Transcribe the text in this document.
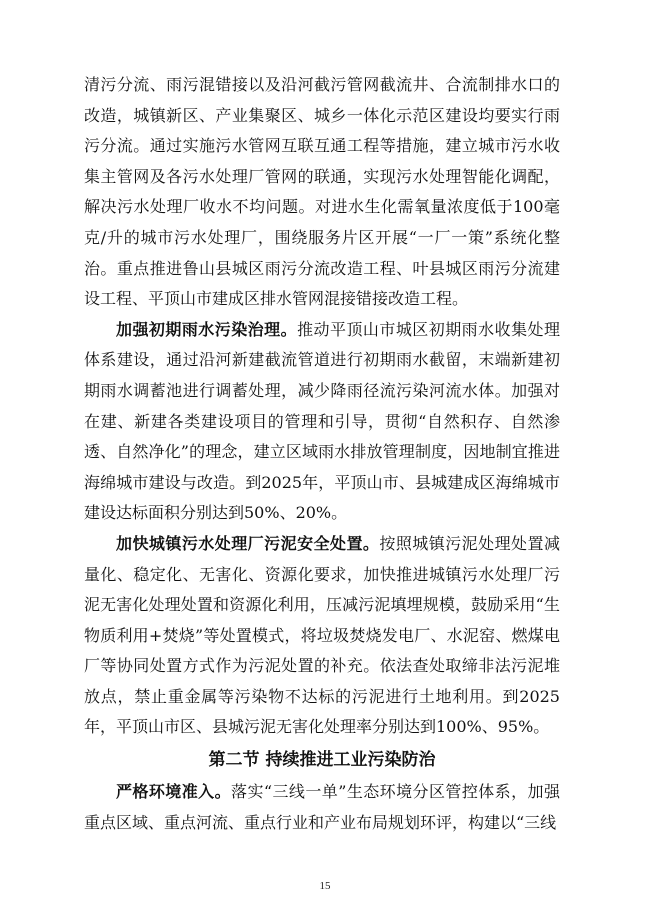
清污分流、雨污混错接以及沿河截污管网截流井、合流制排水口的改造，城镇新区、产业集聚区、城乡一体化示范区建设均要实行雨污分流。通过实施污水管网互联互通工程等措施，建立城市污水收集主管网及各污水处理厂管网的联通，实现污水处理智能化调配，解决污水处理厂收水不均问题。对进水生化需氧量浓度低于100毫克/升的城市污水处理厂，围绕服务片区开展“一厂一策”系统化整治。重点推进鲁山县城区雨污分流改造工程、叶县城区雨污分流建设工程、平顶山市建成区排水管网混接错接改造工程。

加强初期雨水污染治理。推动平顶山市城区初期雨水收集处理体系建设，通过沿河新建截流管道进行初期雨水截留，末端新建初期雨水调蓄池进行调蓄处理，减少降雨径流污染河流水体。加强对在建、新建各类建设项目的管理和引导，贯彻“自然积存、自然渗透、自然净化”的理念，建立区域雨水排放管理制度，因地制宜推进海绵城市建设与改造。到2025年，平顶山市、县城建成区海绵城市建设达标面积分别达到50%、20%。

加快城镇污水处理厂污泥安全处置。按照城镇污泥处理处置减量化、稳定化、无害化、资源化要求，加快推进城镇污水处理厂污泥无害化处理处置和资源化利用，压减污泥填埋规模，鼓励采用“生物质利用+焚烧”等处置模式，将垃圾焚烧发电厂、水泥窑、燃煤电厂等协同处置方式作为污泥处置的补充。依法查处取缔非法污泥堆放点，禁止重金属等污染物不达标的污泥进行土地利用。到2025年，平顶山市区、县城污泥无害化处理率分别达到100%、95%。

第二节 持续推进工业污染防治

严格环境准入。落实“三线一单”生态环境分区管控体系，加强重点区域、重点河流、重点行业和产业布局规划环评，构建以“三线

15
